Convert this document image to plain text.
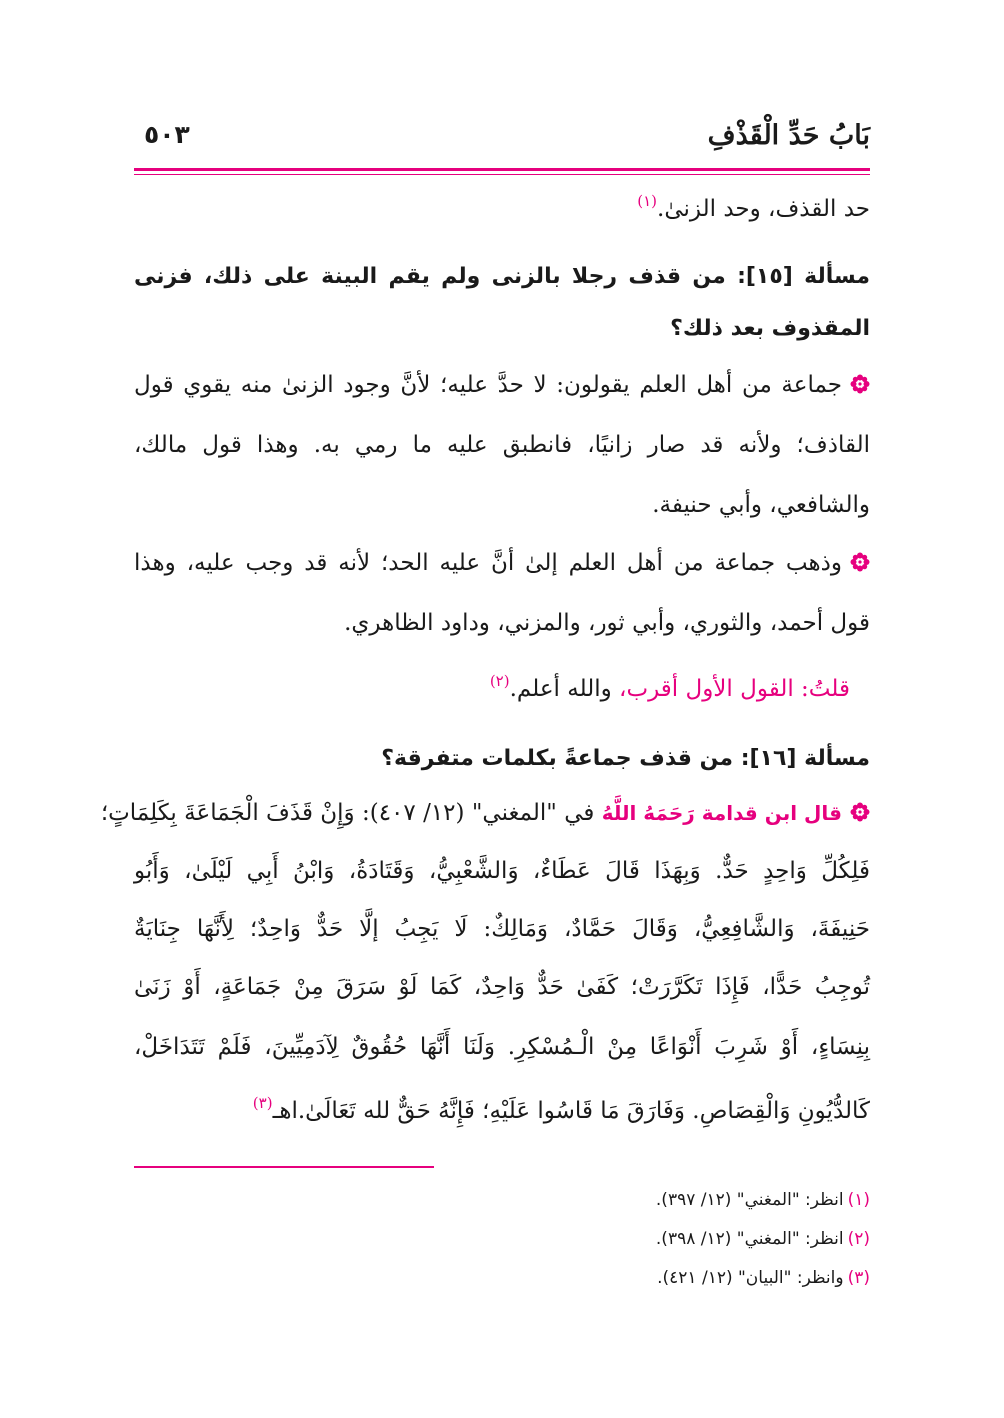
بَابُ حَدِّ الْقَذْفِ
٥٠٣
حد القذف، وحد الزنىٰ.$^{(١)}$
مسألة [١٥]: من قذف رجلا بالزنى ولم يقم البينة على ذلك، فزنى
المقذوف بعد ذلك؟
جماعة من أهل العلم يقولون: لا حدَّ عليه؛ لأنَّ وجود الزنىٰ منه يقوي قول
القاذف؛ ولأنه قد صار زانيًا، فانطبق عليه ما رمي به. وهذا قول مالك،
والشافعي، وأبي حنيفة.
وذهب جماعة من أهل العلم إلىٰ أنَّ عليه الحد؛ لأنه قد وجب عليه، وهذا
قول أحمد، والثوري، وأبي ثور، والمزني، وداود الظاهري.
قلتُ: القول الأول أقرب، والله أعلم.$^{(٢)}$
مسألة [١٦]: من قذف جماعةً بكلمات متفرقة؟
قال ابن قدامة رَحَمَهُ اللَّهُ في "المغني" (١٢/ ٤٠٧): وَإِنْ قَذَفَ الْجَمَاعَةَ بِكَلِمَاتٍ؛
فَلِكُلِّ وَاحِدٍ حَدٌّ. وَبِهَذَا قَالَ عَطَاءٌ، وَالشَّعْبِيُّ، وَقَتَادَةُ، وَابْنُ أَبِي لَيْلَىٰ، وَأَبُو
حَنِيفَةَ، وَالشَّافِعِيُّ، وَقَالَ حَمَّادٌ، وَمَالِكٌ: لَا يَجِبُ إلَّا حَدٌّ وَاحِدٌ؛ لِأَنَّهَا جِنَايَةٌ
تُوجِبُ حَدًّا، فَإِذَا تَكَرَّرَتْ؛ كَفَىٰ حَدٌّ وَاحِدٌ، كَمَا لَوْ سَرَقَ مِنْ جَمَاعَةٍ، أَوْ زَنَىٰ
بِنِسَاءٍ، أَوْ شَرِبَ أَنْوَاعًا مِنْ الْـمُسْكِرِ. وَلَنَا أَنَّهَا حُقُوقٌ لِآدَمِيِّينَ، فَلَمْ تَتَدَاخَلْ،
كَالدُّيُونِ وَالْقِصَاصِ. وَفَارَقَ مَا قَاسُوا عَلَيْهِ؛ فَإِنَّهُ حَقٌّ لله تَعَالَىٰ.اهـ$^{(٣)}$
(١)انظر: "المغني" (١٢/ ٣٩٧).
(٢)انظر: "المغني" (١٢/ ٣٩٨).
(٣)وانظر: "البيان" (١٢/ ٤٢١).
